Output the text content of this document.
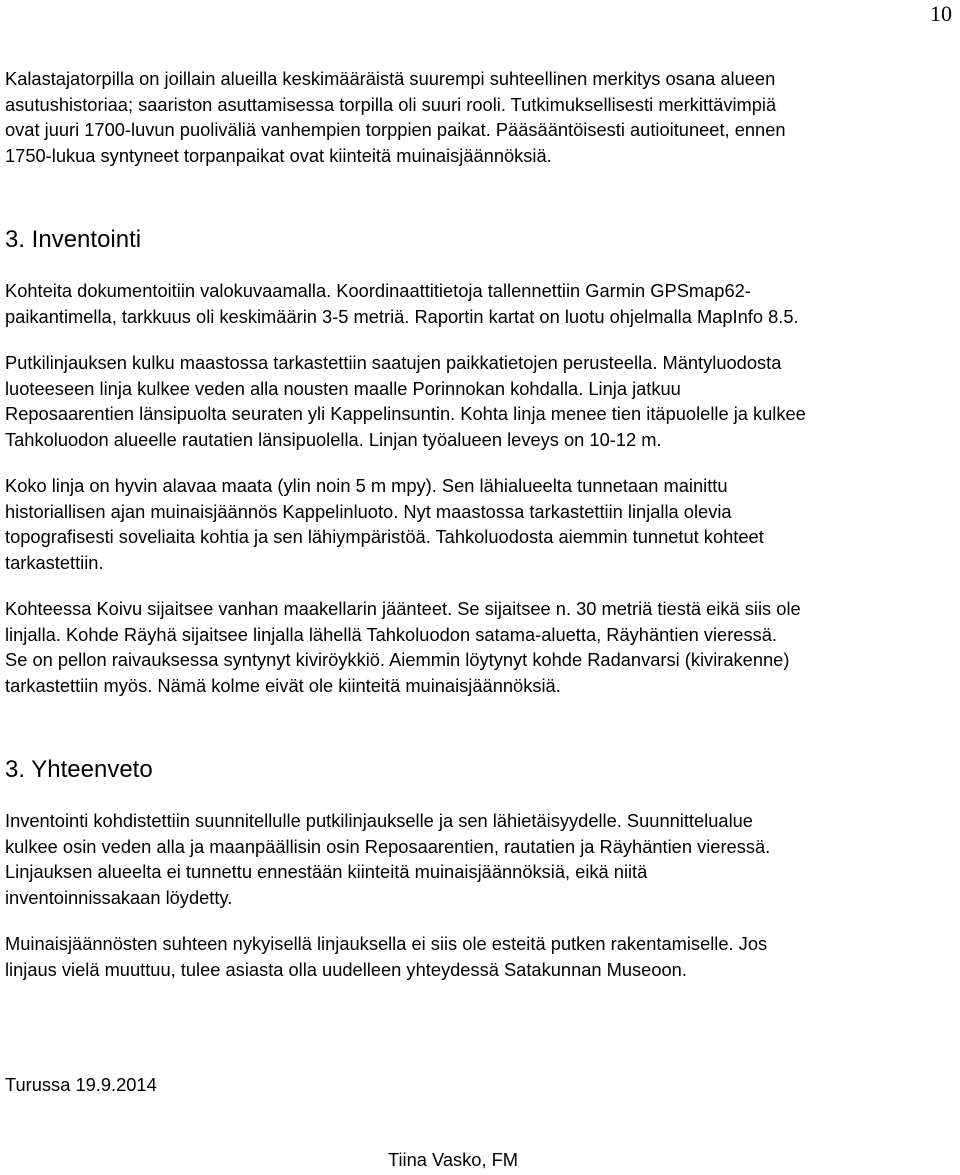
10

Kalastajatorpilla on joillain alueilla keskimääräistä suurempi suhteellinen merkitys osana alueen
asutushistoriaa; saariston asuttamisessa torpilla oli suuri rooli. Tutkimuksellisesti merkittävimpiä
ovat juuri 1700-luvun puoliväliä vanhempien torppien paikat. Pääsääntöisesti autioituneet, ennen
1750-lukua syntyneet torpanpaikat ovat kiinteitä muinaisjäännöksiä.

3. Inventointi

Kohteita dokumentoitiin valokuvaamalla. Koordinaattitietoja tallennettiin Garmin GPSmap62-
paikantimella, tarkkuus oli keskimäärin 3-5 metriä. Raportin kartat on luotu ohjelmalla MapInfo 8.5.

Putkilinjauksen kulku maastossa tarkastettiin saatujen paikkatietojen perusteella. Mäntyluodosta
luoteeseen linja kulkee veden alla nousten maalle Porinnokan kohdalla. Linja jatkuu
Reposaarentien länsipuolta seuraten yli Kappelinsuntin. Kohta linja menee tien itäpuolelle ja kulkee
Tahkoluodon alueelle rautatien länsipuolella. Linjan työalueen leveys on 10-12 m.

Koko linja on hyvin alavaa maata (ylin noin 5 m mpy). Sen lähialueelta tunnetaan mainittu
historiallisen ajan muinaisjäännös Kappelinluoto. Nyt maastossa tarkastettiin linjalla olevia
topografisesti soveliaita kohtia ja sen lähiympäristöä. Tahkoluodosta aiemmin tunnetut kohteet
tarkastettiin.

Kohteessa Koivu sijaitsee vanhan maakellarin jäänteet. Se sijaitsee n. 30 metriä tiestä eikä siis ole
linjalla. Kohde Räyhä sijaitsee linjalla lähellä Tahkoluodon satama-aluetta, Räyhäntien vieressä.
Se on pellon raivauksessa syntynyt kiviröykkiö. Aiemmin löytynyt kohde Radanvarsi (kivirakenne)
tarkastettiin myös. Nämä kolme eivät ole kiinteitä muinaisjäännöksiä.

3. Yhteenveto

Inventointi kohdistettiin suunnitellulle putkilinjaukselle ja sen lähietäisyydelle. Suunnittelualue
kulkee osin veden alla ja maanpäällisin osin Reposaarentien, rautatien ja Räyhäntien vieressä.
Linjauksen alueelta ei tunnettu ennestään kiinteitä muinaisjäännöksiä, eikä niitä
inventoinnissakaan löydetty.

Muinaisjäännösten suhteen nykyisellä linjauksella ei siis ole esteitä putken rakentamiselle. Jos
linjaus vielä muuttuu, tulee asiasta olla uudelleen yhteydessä Satakunnan Museoon.

Turussa 19.9.2014
Tiina Vasko, FM
